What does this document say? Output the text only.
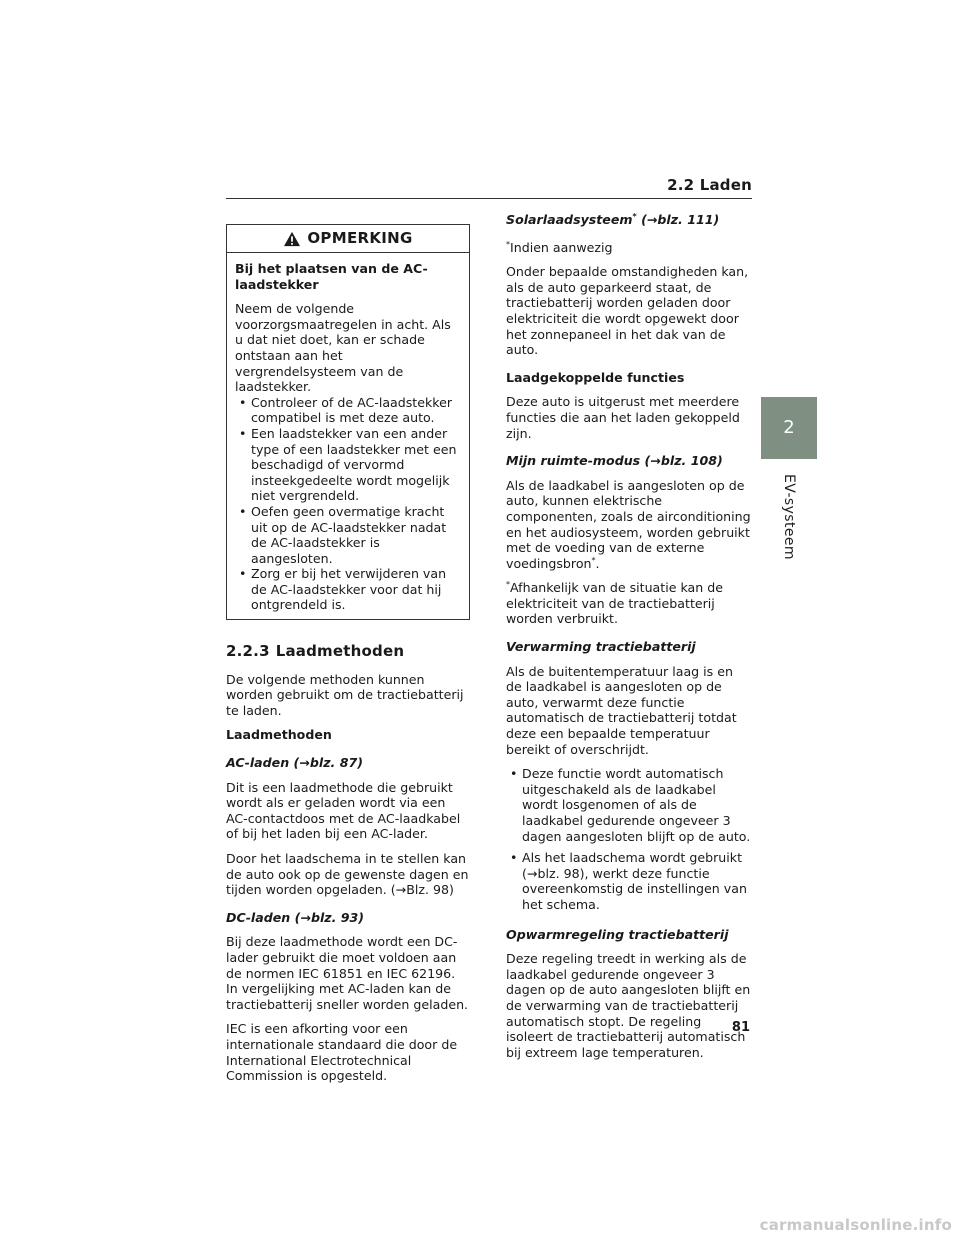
2.2 Laden
2
EV-systeem
OPMERKING

Bij het plaatsen van de AC-laadstekker

Neem de volgende voorzorgsmaatregelen in acht. Als u dat niet doet, kan er schade ontstaan aan het vergrendelsysteem van de laadstekker.
• Controleer of de AC-laadstekker compatibel is met deze auto.
• Een laadstekker van een ander type of een laadstekker met een beschadigd of vervormd insteekgedeelte wordt mogelijk niet vergrendeld.
• Oefen geen overmatige kracht uit op de AC-laadstekker nadat de AC-laadstekker is aangesloten.
• Zorg er bij het verwijderen van de AC-laadstekker voor dat hij ontgrendeld is.
2.2.3 Laadmethoden

De volgende methoden kunnen worden gebruikt om de tractiebatterij te laden.

Laadmethoden

AC-laden (→blz. 87)

Dit is een laadmethode die gebruikt wordt als er geladen wordt via een AC-contactdoos met de AC-laadkabel of bij het laden bij een AC-lader.

Door het laadschema in te stellen kan de auto ook op de gewenste dagen en tijden worden opgeladen. (→Blz. 98)

DC-laden (→blz. 93)

Bij deze laadmethode wordt een DC-lader gebruikt die moet voldoen aan de normen IEC 61851 en IEC 62196. In vergelijking met AC-laden kan de tractiebatterij sneller worden geladen.

IEC is een afkorting voor een internationale standaard die door de International Electrotechnical Commission is opgesteld.

Solarlaadsysteem* (→blz. 111)

*Indien aanwezig

Onder bepaalde omstandigheden kan, als de auto geparkeerd staat, de tractiebatterij worden geladen door elektriciteit die wordt opgewekt door het zonnepaneel in het dak van de auto.

Laadgekoppelde functies

Deze auto is uitgerust met meerdere functies die aan het laden gekoppeld zijn.

Mijn ruimte-modus (→blz. 108)

Als de laadkabel is aangesloten op de auto, kunnen elektrische componenten, zoals de airconditioning en het audiosysteem, worden gebruikt met de voeding van de externe voedingsbron*.

*Afhankelijk van de situatie kan de elektriciteit van de tractiebatterij worden verbruikt.

Verwarming tractiebatterij

Als de buitentemperatuur laag is en de laadkabel is aangesloten op de auto, verwarmt deze functie automatisch de tractiebatterij totdat deze een bepaalde temperatuur bereikt of overschrijdt.

• Deze functie wordt automatisch uitgeschakeld als de laadkabel wordt losgenomen of als de laadkabel gedurende ongeveer 3 dagen aangesloten blijft op de auto.
• Als het laadschema wordt gebruikt (→blz. 98), werkt deze functie overeenkomstig de instellingen van het schema.

Opwarmregeling tractiebatterij

Deze regeling treedt in werking als de laadkabel gedurende ongeveer 3 dagen op de auto aangesloten blijft en de verwarming van de tractiebatterij automatisch stopt. De regeling isoleert de tractiebatterij automatisch bij extreem lage temperaturen.

81
carmanualsonline.info
